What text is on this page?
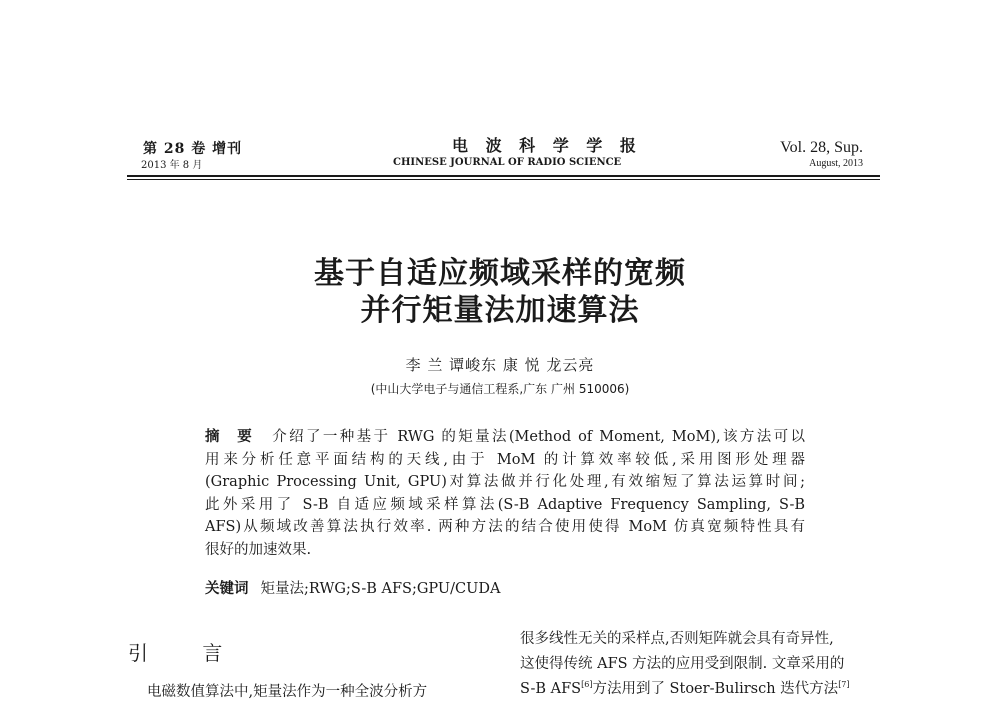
第 28 卷 增刊
2013 年 8 月
电 波 科 学 学 报
CHINESE JOURNAL OF RADIO SCIENCE
Vol. 28, Sup.
August, 2013
基于自适应频域采样的宽频
并行矩量法加速算法
李 兰 谭峻东 康 悦 龙云亮
(中山大学电子与通信工程系,广东 广州 510006)
摘 要 介绍了一种基于 RWG 的矩量法(Method of Moment, MoM),该方法可以
用来分析任意平面结构的天线,由于 MoM 的计算效率较低,采用图形处理器
(Graphic Processing Unit, GPU)对算法做并行化处理,有效缩短了算法运算时间;
此外采用了 S-B 自适应频域采样算法(S-B Adaptive Frequency Sampling, S-B
AFS)从频域改善算法执行效率. 两种方法的结合使用使得 MoM 仿真宽频特性具有
很好的加速效果.
关键词 矩量法;RWG;S-B AFS;GPU/CUDA
引 言
电磁数值算法中,矩量法作为一种全波分析方
很多线性无关的采样点,否则矩阵就会具有奇异性,
这使得传统 AFS 方法的应用受到限制. 文章采用的
S-B AFS[6]方法用到了 Stoer-Bulirsch 迭代方法[7]
